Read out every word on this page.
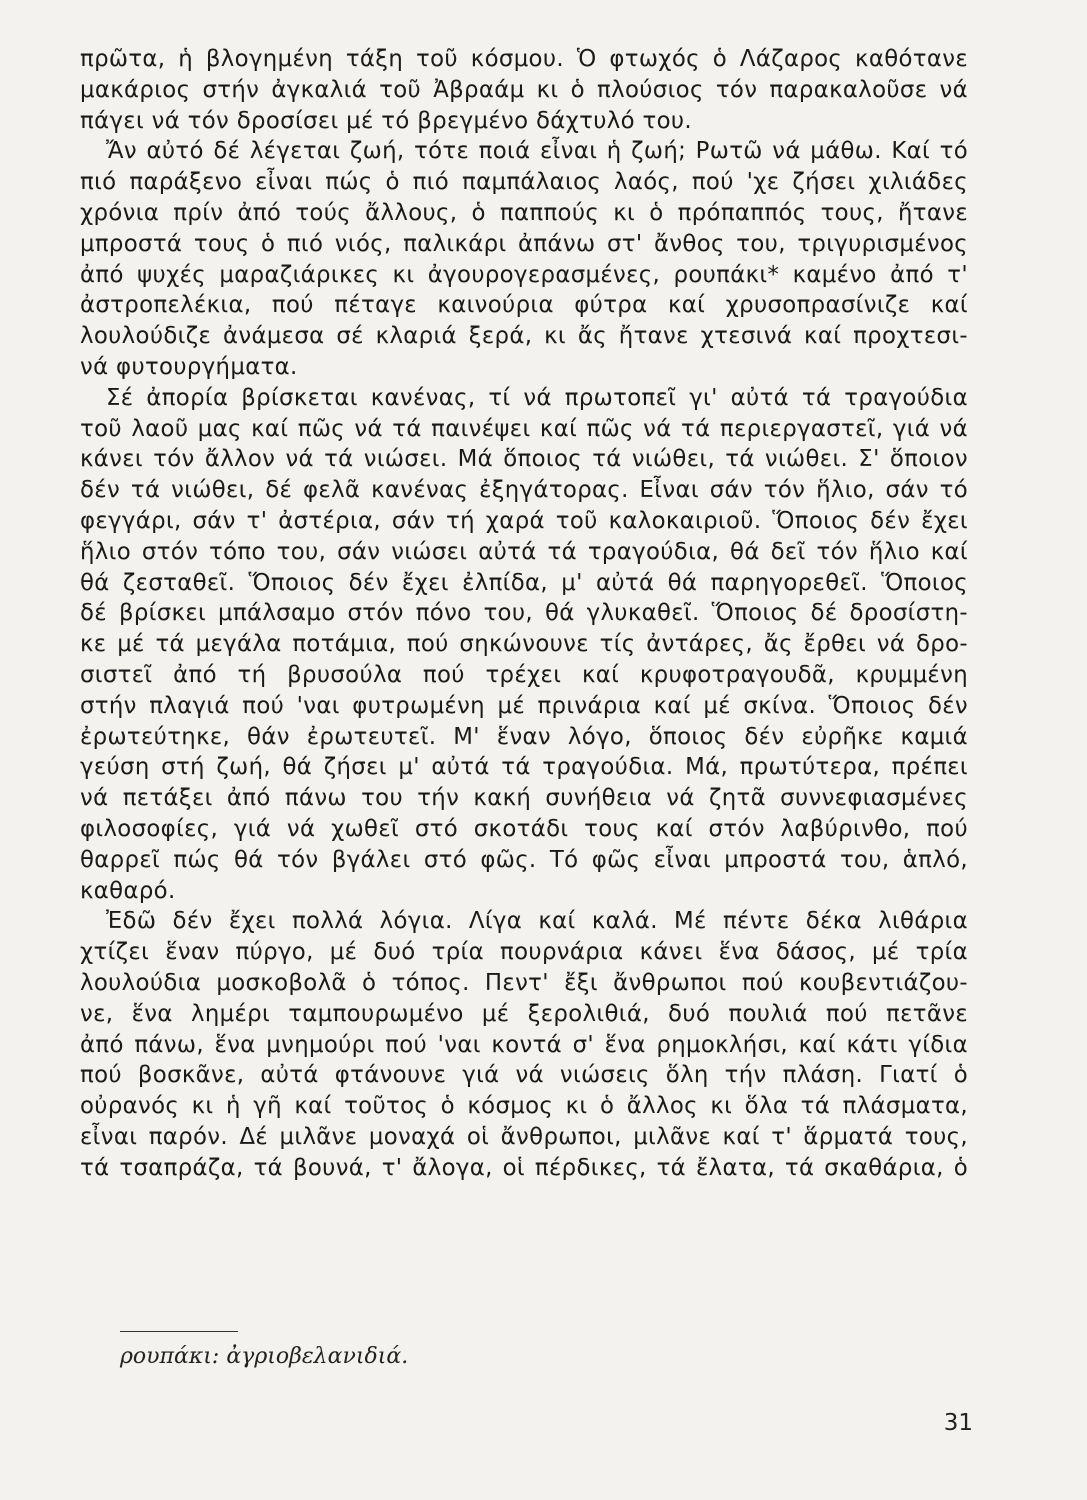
πρῶτα, ἡ βλογημένη τάξη τοῦ κόσμου. Ὁ φτωχός ὁ Λάζαρος καθότανε
μακάριος στήν ἀγκαλιά τοῦ Ἀβραάμ κι ὁ πλούσιος τόν παρακαλοῦσε νά
πάγει νά τόν δροσίσει μέ τό βρεγμένο δάχτυλό του.
Ἄν αὐτό δέ λέγεται ζωή, τότε ποιά εἶναι ἡ ζωή; Ρωτῶ νά μάθω. Καί τό
πιό παράξενο εἶναι πώς ὁ πιό παμπάλαιος λαός, πού 'χε ζήσει χιλιάδες
χρόνια πρίν ἀπό τούς ἄλλους, ὁ παππούς κι ὁ πρόπαππός τους, ἤτανε
μπροστά τους ὁ πιό νιός, παλικάρι ἀπάνω στ' ἄνθος του, τριγυρισμένος
ἀπό ψυχές μαραζιάρικες κι ἀγουρογερασμένες, ρουπάκι* καμένο ἀπό τ'
ἀστροπελέκια, πού πέταγε καινούρια φύτρα καί χρυσοπρασίνιζε καί
λουλούδιζε ἀνάμεσα σέ κλαριά ξερά, κι ἄς ἤτανε χτεσινά καί προχτεσι-
νά φυτουργήματα.
Σέ ἀπορία βρίσκεται κανένας, τί νά πρωτοπεῖ γι' αὐτά τά τραγούδια
τοῦ λαοῦ μας καί πῶς νά τά παινέψει καί πῶς νά τά περιεργαστεῖ, γιά νά
κάνει τόν ἄλλον νά τά νιώσει. Μά ὅποιος τά νιώθει, τά νιώθει. Σ' ὅποιον
δέν τά νιώθει, δέ φελᾶ κανένας ἐξηγάτορας. Εἶναι σάν τόν ἥλιο, σάν τό
φεγγάρι, σάν τ' ἀστέρια, σάν τή χαρά τοῦ καλοκαιριοῦ. Ὅποιος δέν ἔχει
ἥλιο στόν τόπο του, σάν νιώσει αὐτά τά τραγούδια, θά δεῖ τόν ἥλιο καί
θά ζεσταθεῖ. Ὅποιος δέν ἔχει ἐλπίδα, μ' αὐτά θά παρηγορεθεῖ. Ὅποιος
δέ βρίσκει μπάλσαμο στόν πόνο του, θά γλυκαθεῖ. Ὅποιος δέ δροσίστη-
κε μέ τά μεγάλα ποτάμια, πού σηκώνουνε τίς ἀντάρες, ἄς ἔρθει νά δρο-
σιστεῖ ἀπό τή βρυσούλα πού τρέχει καί κρυφοτραγουδᾶ, κρυμμένη
στήν πλαγιά πού 'ναι φυτρωμένη μέ πρινάρια καί μέ σκίνα. Ὅποιος δέν
ἐρωτεύτηκε, θάν ἐρωτευτεῖ. Μ' ἕναν λόγο, ὅποιος δέν εὐρῆκε καμιά
γεύση στή ζωή, θά ζήσει μ' αὐτά τά τραγούδια. Μά, πρωτύτερα, πρέπει
νά πετάξει ἀπό πάνω του τήν κακή συνήθεια νά ζητᾶ συννεφιασμένες
φιλοσοφίες, γιά νά χωθεῖ στό σκοτάδι τους καί στόν λαβύρινθο, πού
θαρρεῖ πώς θά τόν βγάλει στό φῶς. Τό φῶς εἶναι μπροστά του, ἁπλό,
καθαρό.
Ἐδῶ δέν ἔχει πολλά λόγια. Λίγα καί καλά. Μέ πέντε δέκα λιθάρια
χτίζει ἕναν πύργο, μέ δυό τρία πουρνάρια κάνει ἕνα δάσος, μέ τρία
λουλούδια μοσκοβολᾶ ὁ τόπος. Πεντ' ἔξι ἄνθρωποι πού κουβεντιάζου-
νε, ἕνα λημέρι ταμπουρωμένο μέ ξερολιθιά, δυό πουλιά πού πετᾶνε
ἀπό πάνω, ἕνα μνημούρι πού 'ναι κοντά σ' ἕνα ρημοκλήσι, καί κάτι γίδια
πού βοσκᾶνε, αὐτά φτάνουνε γιά νά νιώσεις ὅλη τήν πλάση. Γιατί ὁ
οὐρανός κι ἡ γῆ καί τοῦτος ὁ κόσμος κι ὁ ἄλλος κι ὅλα τά πλάσματα,
εἶναι παρόν. Δέ μιλᾶνε μοναχά οἱ ἄνθρωποι, μιλᾶνε καί τ' ἅρματά τους,
τά τσαπράζα, τά βουνά, τ' ἄλογα, οἱ πέρδικες, τά ἔλατα, τά σκαθάρια, ὁ
ρουπάκι: ἀγριοβελανιδιά.
31
